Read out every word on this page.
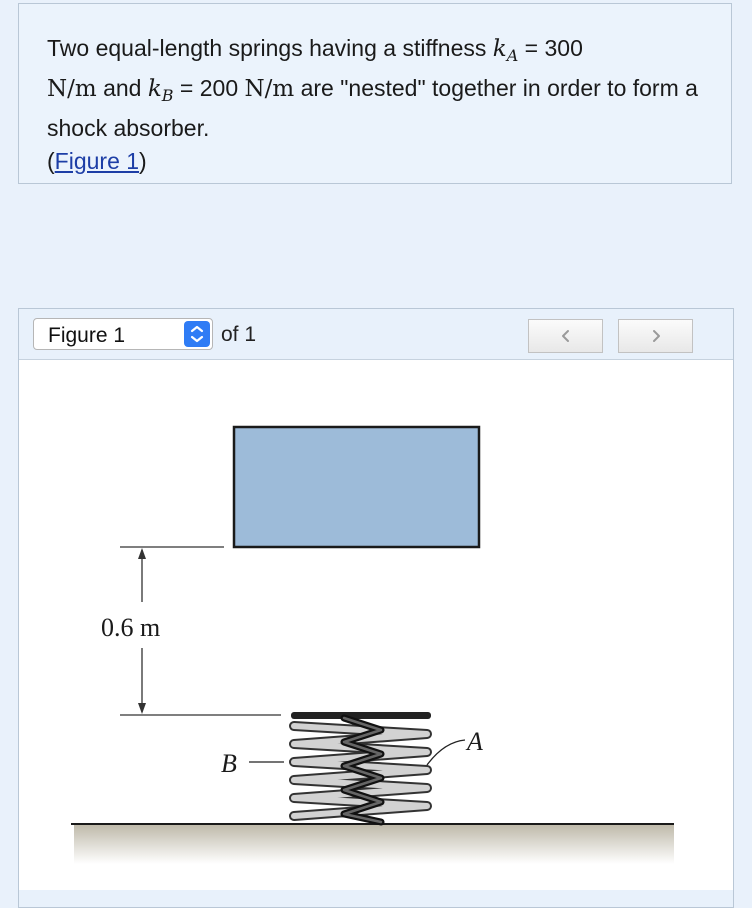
Two equal-length springs having a stiffness $k_A = 300$
N/m and $k_B = 200$ N/m are "nested" together in order to form a shock absorber.
(Figure 1)
Figure 1	of 1
0.6 m
A
B
